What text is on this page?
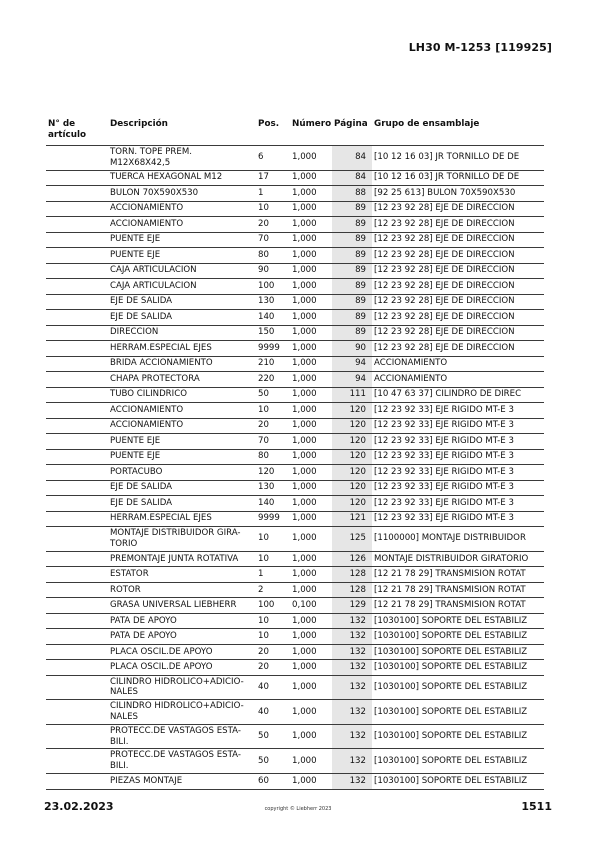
LH30 M-1253 [119925]
N° de artículo	Descripción	Pos.	Número	Página	Grupo de ensamblaje
	TORN. TOPE PREM. M12X68X42,5	6	1,000	84	[10 12 16 03] JR TORNILLO DE DE
	TUERCA HEXAGONAL M12	17	1,000	84	[10 12 16 03] JR TORNILLO DE DE
	BULON 70X590X530	1	1,000	88	[92 25 613] BULON 70X590X530
	ACCIONAMIENTO	10	1,000	89	[12 23 92 28] EJE DE DIRECCION
	ACCIONAMIENTO	20	1,000	89	[12 23 92 28] EJE DE DIRECCION
	PUENTE EJE	70	1,000	89	[12 23 92 28] EJE DE DIRECCION
	PUENTE EJE	80	1,000	89	[12 23 92 28] EJE DE DIRECCION
	CAJA ARTICULACION	90	1,000	89	[12 23 92 28] EJE DE DIRECCION
	CAJA ARTICULACION	100	1,000	89	[12 23 92 28] EJE DE DIRECCION
	EJE DE SALIDA	130	1,000	89	[12 23 92 28] EJE DE DIRECCION
	EJE DE SALIDA	140	1,000	89	[12 23 92 28] EJE DE DIRECCION
	DIRECCION	150	1,000	89	[12 23 92 28] EJE DE DIRECCION
	HERRAM.ESPECIAL EJES	9999	1,000	90	[12 23 92 28] EJE DE DIRECCION
	BRIDA ACCIONAMIENTO	210	1,000	94	ACCIONAMIENTO
	CHAPA PROTECTORA	220	1,000	94	ACCIONAMIENTO
	TUBO CILINDRICO	50	1,000	111	[10 47 63 37] CILINDRO DE DIREC
	ACCIONAMIENTO	10	1,000	120	[12 23 92 33] EJE RIGIDO MT-E 3
	ACCIONAMIENTO	20	1,000	120	[12 23 92 33] EJE RIGIDO MT-E 3
	PUENTE EJE	70	1,000	120	[12 23 92 33] EJE RIGIDO MT-E 3
	PUENTE EJE	80	1,000	120	[12 23 92 33] EJE RIGIDO MT-E 3
	PORTACUBO	120	1,000	120	[12 23 92 33] EJE RIGIDO MT-E 3
	EJE DE SALIDA	130	1,000	120	[12 23 92 33] EJE RIGIDO MT-E 3
	EJE DE SALIDA	140	1,000	120	[12 23 92 33] EJE RIGIDO MT-E 3
	HERRAM.ESPECIAL EJES	9999	1,000	121	[12 23 92 33] EJE RIGIDO MT-E 3
	MONTAJE DISTRIBUIDOR GIRA-TORIO	10	1,000	125	[1100000] MONTAJE DISTRIBUIDOR
	PREMONTAJE JUNTA ROTATIVA	10	1,000	126	MONTAJE DISTRIBUIDOR GIRATORIO
	ESTATOR	1	1,000	128	[12 21 78 29] TRANSMISION ROTAT
	ROTOR	2	1,000	128	[12 21 78 29] TRANSMISION ROTAT
	GRASA UNIVERSAL LIEBHERR	100	0,100	129	[12 21 78 29] TRANSMISION ROTAT
	PATA DE APOYO	10	1,000	132	[1030100] SOPORTE DEL ESTABILIZ
	PATA DE APOYO	10	1,000	132	[1030100] SOPORTE DEL ESTABILIZ
	PLACA OSCIL.DE APOYO	20	1,000	132	[1030100] SOPORTE DEL ESTABILIZ
	PLACA OSCIL.DE APOYO	20	1,000	132	[1030100] SOPORTE DEL ESTABILIZ
	CILINDRO HIDROLICO+ADICIO-NALES	40	1,000	132	[1030100] SOPORTE DEL ESTABILIZ
	CILINDRO HIDROLICO+ADICIO-NALES	40	1,000	132	[1030100] SOPORTE DEL ESTABILIZ
	PROTECC.DE VASTAGOS ESTA-BILI.	50	1,000	132	[1030100] SOPORTE DEL ESTABILIZ
	PROTECC.DE VASTAGOS ESTA-BILI.	50	1,000	132	[1030100] SOPORTE DEL ESTABILIZ
	PIEZAS MONTAJE	60	1,000	132	[1030100] SOPORTE DEL ESTABILIZ
23.02.2023	copyright © Liebherr 2023	1511
